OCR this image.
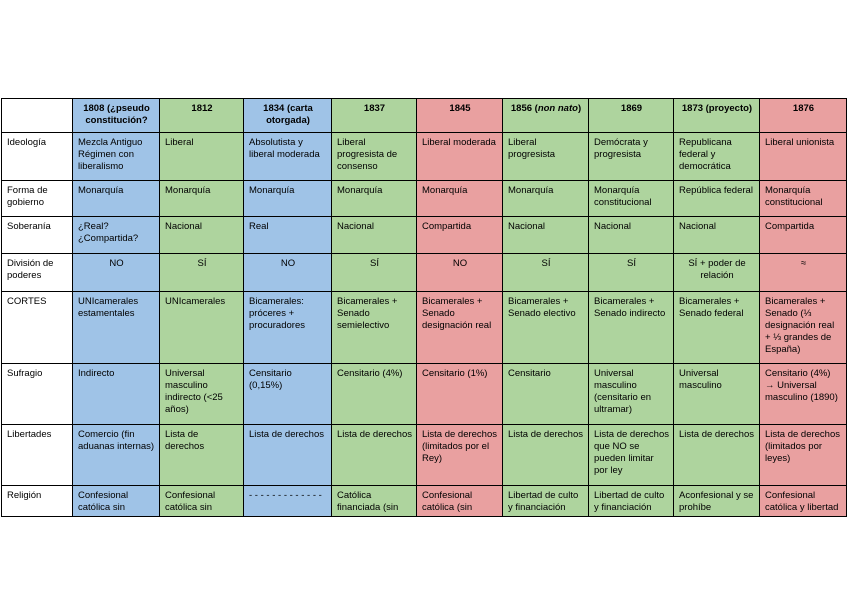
	1808 (¿pseudo constitución?	1812	1834 (carta otorgada)	1837	1845	1856 (non nato)	1869	1873 (proyecto)	1876
Ideología	Mezcla Antiguo Régimen con liberalismo	Liberal	Absolutista y liberal moderada	Liberal progresista de consenso	Liberal moderada	Liberal progresista	Demócrata y progresista	Republicana federal y democrática	Liberal unionista
Forma de gobierno	Monarquía	Monarquía	Monarquía	Monarquía	Monarquía	Monarquía	Monarquía constitucional	República federal	Monarquía constitucional
Soberanía	¿Real? ¿Compartida?	Nacional	Real	Nacional	Compartida	Nacional	Nacional	Nacional	Compartida
División de poderes	NO	SÍ	NO	SÍ	NO	SÍ	SÍ	SÍ + poder de relación	≈
CORTES	UNIcamerales estamentales	UNIcamerales	Bicamerales: próceres + procuradores	Bicamerales + Senado semielectivo	Bicamerales + Senado designación real	Bicamerales + Senado electivo	Bicamerales + Senado indirecto	Bicamerales + Senado federal	Bicamerales + Senado (⅓ designación real + ⅓ grandes de España)
Sufragio	Indirecto	Universal masculino indirecto (<25 años)	Censitario (0,15%)	Censitario (4%)	Censitario (1%)	Censitario	Universal masculino (censitario en ultramar)	Universal masculino	Censitario (4%) → Universal masculino (1890)
Libertades	Comercio (fin aduanas internas)	Lista de derechos	Lista de derechos	Lista de derechos	Lista de derechos (limitados por el Rey)	Lista de derechos	Lista de derechos que NO se pueden limitar por ley	Lista de derechos	Lista de derechos (limitados por leyes)
Religión	Confesional católica sin	Confesional católica sin	- - - - - - - - - - - - -	Católica financiada (sin	Confesional católica (sin	Libertad de culto y financiación	Libertad de culto y financiación	Aconfesional y se prohíbe	Confesional católica y libertad
